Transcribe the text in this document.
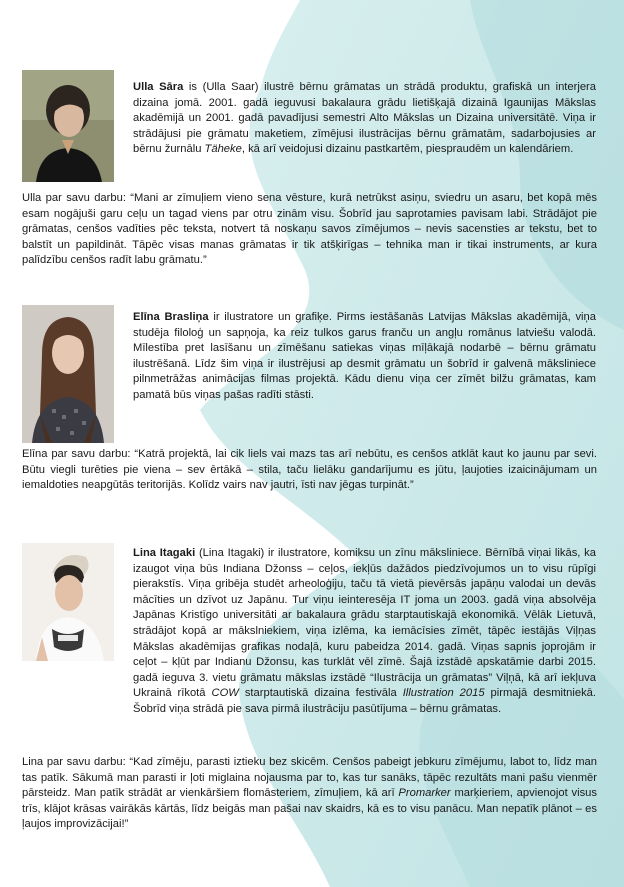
Ulla Sāra is (Ulla Saar) ilustrē bērnu grāmatas un strādā produktu, grafiskā un interjera dizaina jomā. 2001. gadā ieguvusi bakalaura grādu lietišķajā dizainā Igaunijas Mākslas akadēmijā un 2001. gadā pavadījusi semestri Alto Mākslas un Dizaina universitātē. Viņa ir strādājusi pie grāmatu maketiem, zīmējusi ilustrācijas bērnu grāmatām, sadarbojusies ar bērnu žurnālu Täheke, kā arī veidojusi dizainu pastkartēm, piespraudēm un kalendāriem.

Ulla par savu darbu: “Mani ar zīmuļiem vieno sena vēsture, kurā netrūkst asiņu, sviedru un asaru, bet kopā mēs esam nogājuši garu ceļu un tagad viens par otru zinām visu. Šobrīd jau saprotamies pavisam labi. Strādājot pie grāmatas, cenšos vadīties pēc teksta, notvert tā noskaņu savos zīmējumos – nevis sacensties ar tekstu, bet to balstīt un papildināt. Tāpēc visas manas grāmatas ir tik atšķirīgas – tehnika man ir tikai instruments, ar kura palīdzību cenšos radīt labu grāmatu.”

Elīna Brasliņa ir ilustratore un grafiķe. Pirms iestāšanās Latvijas Mākslas akadēmijā, viņa studēja filoloģ un sapņoja, ka reiz tulkos garus franču un angļu romānus latviešu valodā. Mīlestība pret lasīšanu un zīmēšanu satiekas viņas mīļākajā nodarbē – bērnu grāmatu ilustrēšanā. Līdz šim viņa ir ilustrējusi ap desmit grāmatu un šobrīd ir galvenā māksliniece pilnmetrāžas animācijas filmas projektā. Kādu dienu viņa cer zīmēt bilžu grāmatas, kam pamatā būs viņas pašas radīti stāsti.

Elīna par savu darbu: “Katrā projektā, lai cik liels vai mazs tas arī nebūtu, es cenšos atklāt kaut ko jaunu par sevi. Būtu viegli turēties pie viena – sev ērtākā – stila, taču lielāku gandarījumu es jūtu, ļaujoties izaicinājumam un iemaldoties neapgūtās teritorijās. Kolīdz vairs nav jautri, īsti nav jēgas turpināt.”

Lina Itagaki (Lina Itagaki) ir ilustratore, komiksu un zīnu māksliniece. Bērnībā viņai likās, ka izaugot viņa būs Indiana Džonss – ceļos, iekļūs dažādos piedzīvojumos un to visu rūpīgi pierakstīs. Viņa gribēja studēt arheoloģiju, taču tā vietā pievērsās japāņu valodai un devās mācīties un dzīvot uz Japānu. Tur viņu ieinteresēja IT joma un 2003. gadā viņa absolvēja Japānas Kristīgo universitāti ar bakalaura grādu starptautiskajā ekonomikā. Vēlāk Lietuvā, strādājot kopā ar mākslniekiem, viņa izlēma, ka iemācīsies zīmēt, tāpēc iestājās Viļņas Mākslas akadēmijas grafikas nodaļā, kuru pabeidza 2014. gadā. Viņas sapnis joprojām ir ceļot – kļūt par Indianu Džonsu, kas turklāt vēl zīmē. Šajā izstādē apskatāmie darbi 2015. gadā ieguva 3. vietu grāmatu mākslas izstādē “Ilustrācija un grāmatas” Viļņā, kā arī iekļuva Ukrainā rīkotā COW starptautiskā dizaina festivāla Illustration 2015 pirmajā desmitniekā. Šobrīd viņa strādā pie sava pirmā ilustrāciju pasūtījuma – bērnu grāmatas.

Lina par savu darbu: “Kad zīmēju, parasti iztieku bez skicēm. Cenšos pabeigt jebkuru zīmējumu, labot to, līdz man tas patīk. Sākumā man parasti ir ļoti miglaina nojausma par to, kas tur sanāks, tāpēc rezultāts mani pašu vienmēr pārsteidz. Man patīk strādāt ar vienkāršiem flomāsteriem, zīmuļiem, kā arī Promarker marķieriem, apvienojot visus trīs, klājot krāsas vairākās kārtās, līdz beigās man pašai nav skaidrs, kā es to visu panācu. Man nepatīk plānot – es ļaujos improvizācijai!”
